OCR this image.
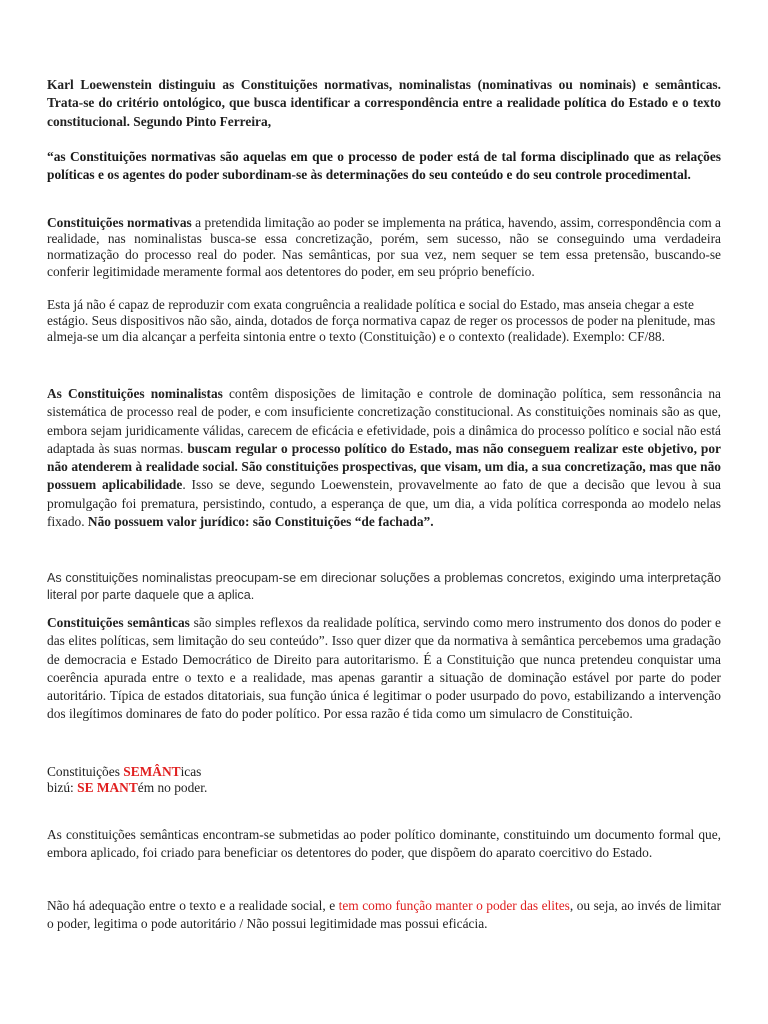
Karl Loewenstein distinguiu as Constituições normativas, nominalistas (nominativas ou nominais) e semânticas. Trata-se do critério ontológico, que busca identificar a correspondência entre a realidade política do Estado e o texto constitucional. Segundo Pinto Ferreira,

“as Constituições normativas são aquelas em que o processo de poder está de tal forma disciplinado que as relações políticas e os agentes do poder subordinam-se às determinações do seu conteúdo e do seu controle procedimental.

Constituições normativas a pretendida limitação ao poder se implementa na prática, havendo, assim, correspondência com a realidade, nas nominalistas busca-se essa concretização, porém, sem sucesso, não se conseguindo uma verdadeira normatização do processo real do poder. Nas semânticas, por sua vez, nem sequer se tem essa pretensão, buscando-se conferir legitimidade meramente formal aos detentores do poder, em seu próprio benefício.

Esta já não é capaz de reproduzir com exata congruência a realidade política e social do Estado, mas anseia chegar a este estágio. Seus dispositivos não são, ainda, dotados de força normativa capaz de reger os processos de poder na plenitude, mas almeja-se um dia alcançar a perfeita sintonia entre o texto (Constituição) e o contexto (realidade). Exemplo: CF/88.

As Constituições nominalistas contêm disposições de limitação e controle de dominação política, sem ressonância na sistemática de processo real de poder, e com insuficiente concretização constitucional. As constituições nominais são as que, embora sejam juridicamente válidas, carecem de eficácia e efetividade, pois a dinâmica do processo político e social não está adaptada às suas normas. buscam regular o processo político do Estado, mas não conseguem realizar este objetivo, por não atenderem à realidade social. São constituições prospectivas, que visam, um dia, a sua concretização, mas que não possuem aplicabilidade. Isso se deve, segundo Loewenstein, provavelmente ao fato de que a decisão que levou à sua promulgação foi prematura, persistindo, contudo, a esperança de que, um dia, a vida política corresponda ao modelo nelas fixado. Não possuem valor jurídico: são Constituições “de fachada”.

As constituições nominalistas preocupam-se em direcionar soluções a problemas concretos, exigindo uma interpretação literal por parte daquele que a aplica.

Constituições semânticas são simples reflexos da realidade política, servindo como mero instrumento dos donos do poder e das elites políticas, sem limitação do seu conteúdo”. Isso quer dizer que da normativa à semântica percebemos uma gradação de democracia e Estado Democrático de Direito para autoritarismo. É a Constituição que nunca pretendeu conquistar uma coerência apurada entre o texto e a realidade, mas apenas garantir a situação de dominação estável por parte do poder autoritário. Típica de estados ditatoriais, sua função única é legitimar o poder usurpado do povo, estabilizando a intervenção dos ilegítimos dominares de fato do poder político. Por essa razão é tida como um simulacro de Constituição.

Constituições SEMÂNTicas
bizú: SE MANTém no poder.

As constituições semânticas encontram-se submetidas ao poder político dominante, constituindo um documento formal que, embora aplicado, foi criado para beneficiar os detentores do poder, que dispõem do aparato coercitivo do Estado.

Não há adequação entre o texto e a realidade social, e tem como função manter o poder das elites, ou seja, ao invés de limitar o poder, legitima o pode autoritário / Não possui legitimidade mas possui eficácia.
